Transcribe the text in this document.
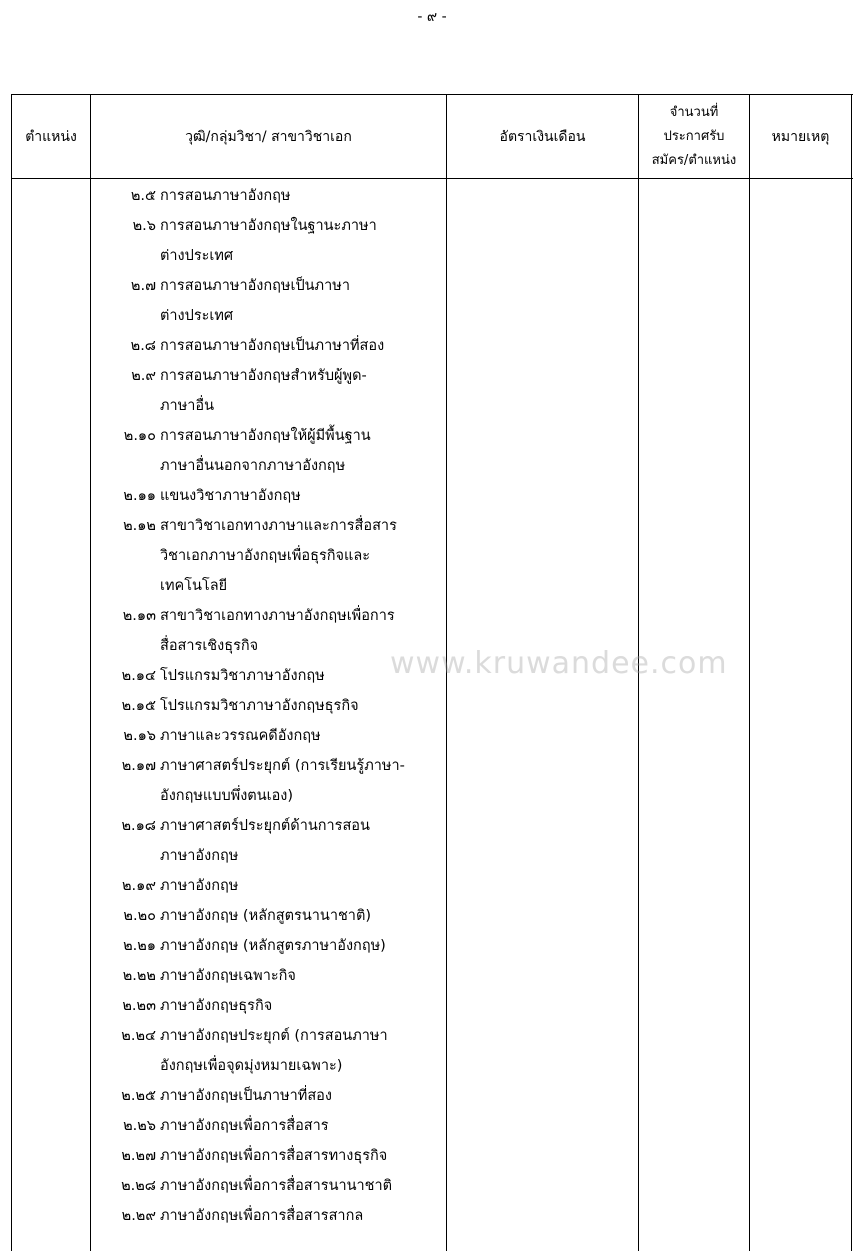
- ๙ -
ตำแหน่ง	วุฒิ/กลุ่มวิชา/ สาขาวิชาเอก	อัตราเงินเดือน
จำนวนที่
ประกาศรับ
สมัคร/ตำแหน่ง
หมายเหตุ
๒.๕ การสอนภาษาอังกฤษ
๒.๖ การสอนภาษาอังกฤษในฐานะภาษา
ต่างประเทศ
๒.๗ การสอนภาษาอังกฤษเป็นภาษา
ต่างประเทศ
๒.๘ การสอนภาษาอังกฤษเป็นภาษาที่สอง
๒.๙ การสอนภาษาอังกฤษสำหรับผู้พูด-
ภาษาอื่น
๒.๑๐ การสอนภาษาอังกฤษให้ผู้มีพื้นฐาน
ภาษาอื่นนอกจากภาษาอังกฤษ
๒.๑๑ แขนงวิชาภาษาอังกฤษ
๒.๑๒ สาขาวิชาเอกทางภาษาและการสื่อสาร
วิชาเอกภาษาอังกฤษเพื่อธุรกิจและ
เทคโนโลยี
๒.๑๓ สาขาวิชาเอกทางภาษาอังกฤษเพื่อการ
สื่อสารเชิงธุรกิจ
๒.๑๔ โปรแกรมวิชาภาษาอังกฤษ
๒.๑๕ โปรแกรมวิชาภาษาอังกฤษธุรกิจ
๒.๑๖ ภาษาและวรรณคดีอังกฤษ
๒.๑๗ ภาษาศาสตร์ประยุกต์ (การเรียนรู้ภาษา-
อังกฤษแบบพึ่งตนเอง)
๒.๑๘ ภาษาศาสตร์ประยุกต์ด้านการสอน
ภาษาอังกฤษ
๒.๑๙ ภาษาอังกฤษ
๒.๒๐ ภาษาอังกฤษ (หลักสูตรนานาชาติ)
๒.๒๑ ภาษาอังกฤษ (หลักสูตรภาษาอังกฤษ)
๒.๒๒ ภาษาอังกฤษเฉพาะกิจ
๒.๒๓ ภาษาอังกฤษธุรกิจ
๒.๒๔ ภาษาอังกฤษประยุกต์ (การสอนภาษา
อังกฤษเพื่อจุดมุ่งหมายเฉพาะ)
๒.๒๕ ภาษาอังกฤษเป็นภาษาที่สอง
๒.๒๖ ภาษาอังกฤษเพื่อการสื่อสาร
๒.๒๗ ภาษาอังกฤษเพื่อการสื่อสารทางธุรกิจ
๒.๒๘ ภาษาอังกฤษเพื่อการสื่อสารนานาชาติ
๒.๒๙ ภาษาอังกฤษเพื่อการสื่อสารสากล
www.kruwandee.com
